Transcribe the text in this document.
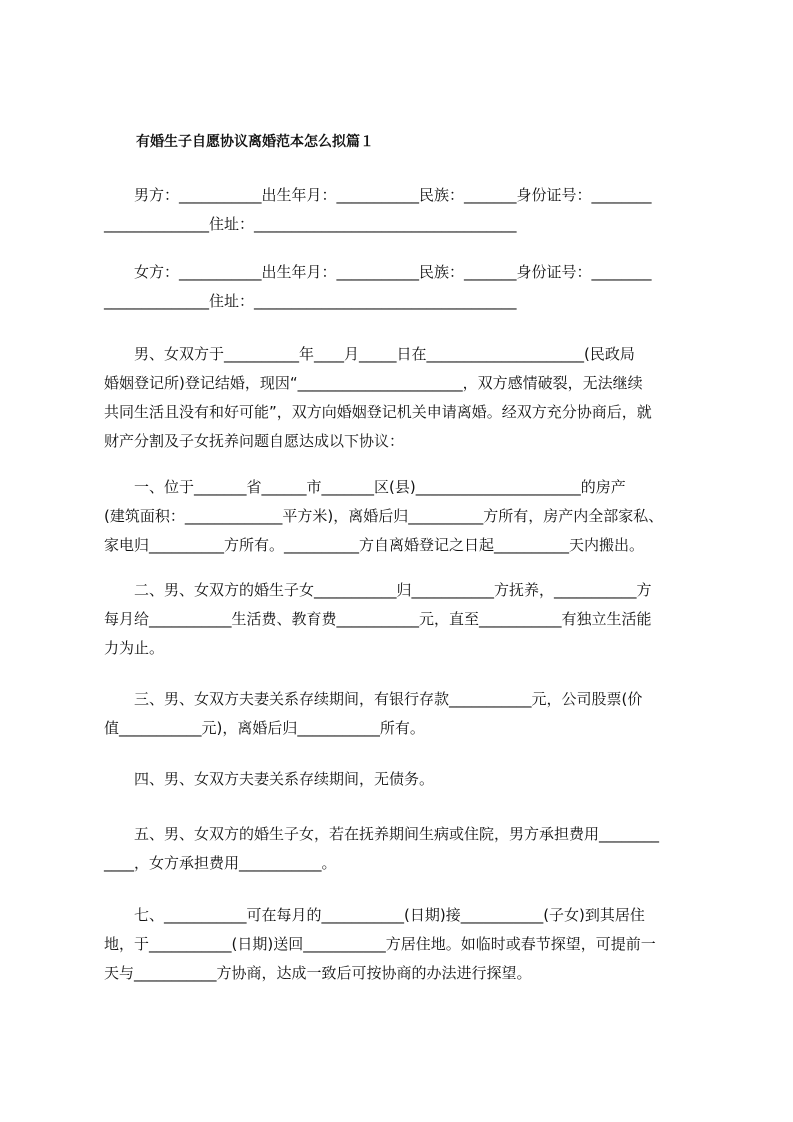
有婚生子自愿协议离婚范本怎么拟篇１
　　男方：___________出生年月：___________民族：_______身份证号：________
______________住址：___________________________________
　　女方：___________出生年月：___________民族：_______身份证号：________
______________住址：___________________________________
　　男、女双方于__________年____月_____日在_____________________(民政局
婚姻登记所)登记结婚，现因“______________________，双方感情破裂，无法继续
共同生活且没有和好可能”，双方向婚姻登记机关申请离婚。经双方充分协商后，就
财产分割及子女抚养问题自愿达成以下协议：
　　一、位于_______省______市_______区(县)______________________的房产
(建筑面积：_____________平方米)，离婚后归__________方所有，房产内全部家私、
家电归__________方所有。__________方自离婚登记之日起__________天内搬出。
　　二、男、女双方的婚生子女___________归___________方抚养，___________方
每月给___________生活费、教育费___________元，直至___________有独立生活能
力为止。
　　三、男、女双方夫妻关系存续期间，有银行存款___________元，公司股票(价
值___________元)，离婚后归___________所有。
　　四、男、女双方夫妻关系存续期间，无债务。
　　五、男、女双方的婚生子女，若在抚养期间生病或住院，男方承担费用________
____，女方承担费用___________。
　　七、___________可在每月的___________(日期)接___________(子女)到其居住
地，于___________(日期)送回___________方居住地。如临时或春节探望，可提前一
天与___________方协商，达成一致后可按协商的办法进行探望。
